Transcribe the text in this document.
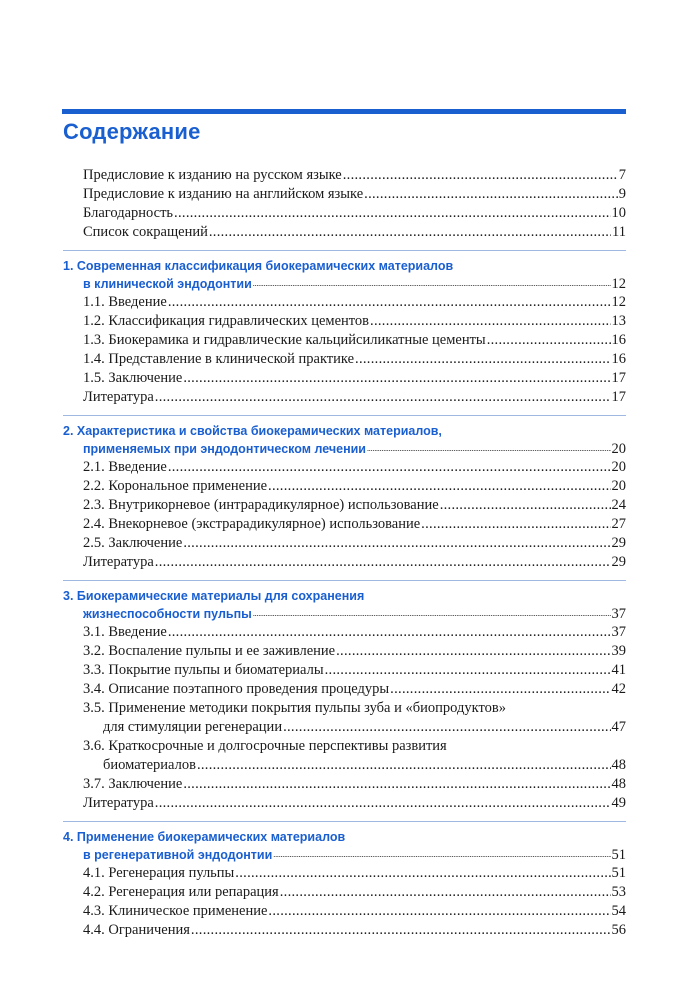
Содержание
Предисловие к изданию на русском языке .....	7
Предисловие к изданию на английском языке .....	9
Благодарность .....	10
Список сокращений .....	11
1. Современная классификация биокерамических материалов
в клинической эндодонтии .....	12
1.1. Введение .....	12
1.2. Классификация гидравлических цементов .....	13
1.3. Биокерамика и гидравлические кальцийсиликатные цементы .....	16
1.4. Представление в клинической практике .....	16
1.5. Заключение .....	17
Литература .....	17
2. Характеристика и свойства биокерамических материалов,
применяемых при эндодонтическом лечении .....	20
2.1. Введение .....	20
2.2. Корональное применение .....	20
2.3. Внутрикорневое (интрарадикулярное) использование .....	24
2.4. Внекорневое (экстрарадикулярное) использование .....	27
2.5. Заключение .....	29
Литература .....	29
3. Биокерамические материалы для сохранения
жизнеспособности пульпы .....	37
3.1. Введение .....	37
3.2. Воспаление пульпы и ее заживление .....	39
3.3. Покрытие пульпы и биоматериалы .....	41
3.4. Описание поэтапного проведения процедуры .....	42
3.5. Применение методики покрытия пульпы зуба и «биопродуктов»
для стимуляции регенерации .....	47
3.6. Краткосрочные и долгосрочные перспективы развития
биоматериалов .....	48
3.7. Заключение .....	48
Литература .....	49
4. Применение биокерамических материалов
в регенеративной эндодонтии .....	51
4.1. Регенерация пульпы .....	51
4.2. Регенерация или репарация .....	53
4.3. Клиническое применение .....	54
4.4. Ограничения .....	56
